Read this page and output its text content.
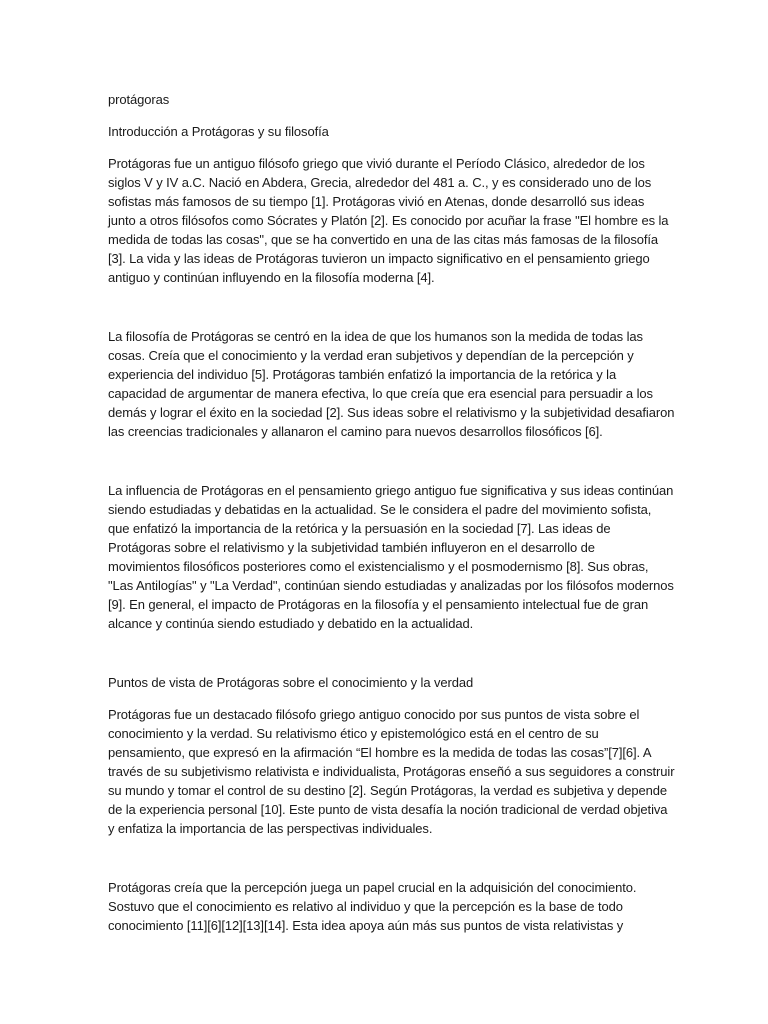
protágoras
Introducción a Protágoras y su filosofía
Protágoras fue un antiguo filósofo griego que vivió durante el Período Clásico, alrededor de los
siglos V y IV a.C. Nació en Abdera, Grecia, alrededor del 481 a. C., y es considerado uno de los
sofistas más famosos de su tiempo [1]. Protágoras vivió en Atenas, donde desarrolló sus ideas
junto a otros filósofos como Sócrates y Platón [2]. Es conocido por acuñar la frase "El hombre es la
medida de todas las cosas", que se ha convertido en una de las citas más famosas de la filosofía
[3]. La vida y las ideas de Protágoras tuvieron un impacto significativo en el pensamiento griego
antiguo y continúan influyendo en la filosofía moderna [4].
La filosofía de Protágoras se centró en la idea de que los humanos son la medida de todas las
cosas. Creía que el conocimiento y la verdad eran subjetivos y dependían de la percepción y
experiencia del individuo [5]. Protágoras también enfatizó la importancia de la retórica y la
capacidad de argumentar de manera efectiva, lo que creía que era esencial para persuadir a los
demás y lograr el éxito en la sociedad [2]. Sus ideas sobre el relativismo y la subjetividad desafiaron
las creencias tradicionales y allanaron el camino para nuevos desarrollos filosóficos [6].
La influencia de Protágoras en el pensamiento griego antiguo fue significativa y sus ideas continúan
siendo estudiadas y debatidas en la actualidad. Se le considera el padre del movimiento sofista,
que enfatizó la importancia de la retórica y la persuasión en la sociedad [7]. Las ideas de
Protágoras sobre el relativismo y la subjetividad también influyeron en el desarrollo de
movimientos filosóficos posteriores como el existencialismo y el posmodernismo [8]. Sus obras,
"Las Antilogías" y "La Verdad", continúan siendo estudiadas y analizadas por los filósofos modernos
[9]. En general, el impacto de Protágoras en la filosofía y el pensamiento intelectual fue de gran
alcance y continúa siendo estudiado y debatido en la actualidad.
Puntos de vista de Protágoras sobre el conocimiento y la verdad
Protágoras fue un destacado filósofo griego antiguo conocido por sus puntos de vista sobre el
conocimiento y la verdad. Su relativismo ético y epistemológico está en el centro de su
pensamiento, que expresó en la afirmación “El hombre es la medida de todas las cosas”[7][6]. A
través de su subjetivismo relativista e individualista, Protágoras enseñó a sus seguidores a construir
su mundo y tomar el control de su destino [2]. Según Protágoras, la verdad es subjetiva y depende
de la experiencia personal [10]. Este punto de vista desafía la noción tradicional de verdad objetiva
y enfatiza la importancia de las perspectivas individuales.
Protágoras creía que la percepción juega un papel crucial en la adquisición del conocimiento.
Sostuvo que el conocimiento es relativo al individuo y que la percepción es la base de todo
conocimiento [11][6][12][13][14]. Esta idea apoya aún más sus puntos de vista relativistas y
